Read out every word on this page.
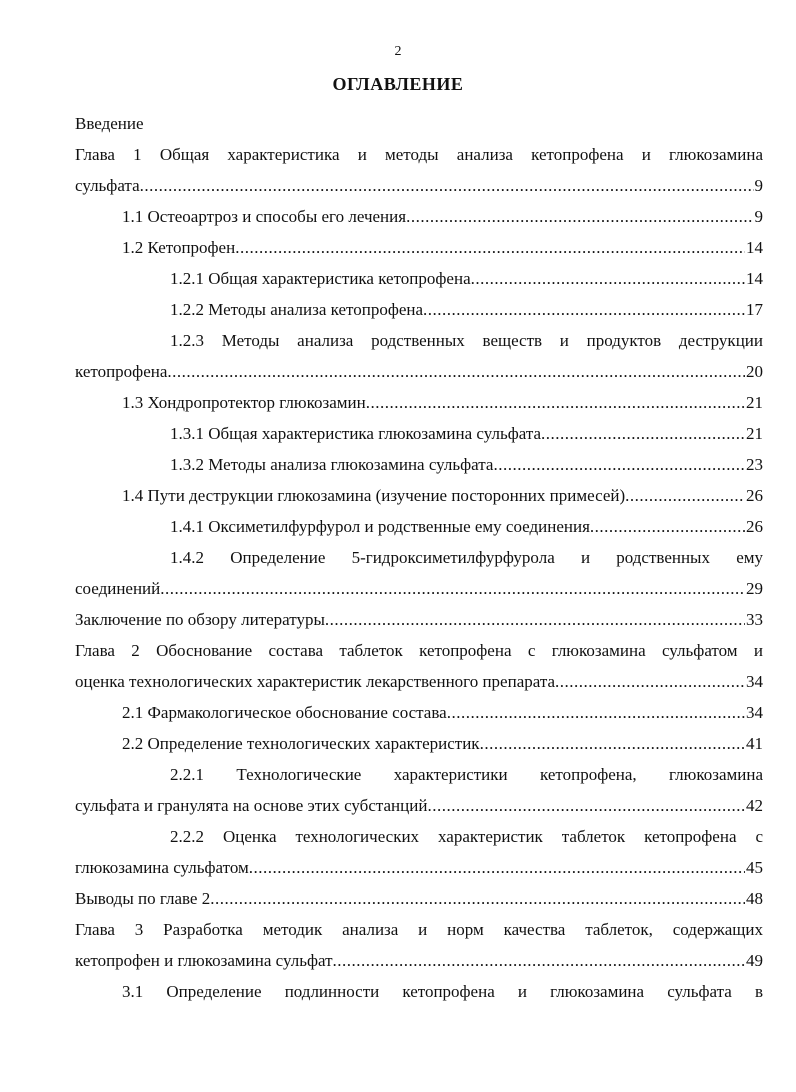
2
ОГЛАВЛЕНИЕ
Введение
Глава 1 Общая характеристика и методы анализа кетопрофена и глюкозамина
сульфата .....	9
1.1 Остеоартроз и способы его лечения .....	9
1.2 Кетопрофен .....	14
1.2.1 Общая характеристика кетопрофена .....	14
1.2.2 Методы анализа кетопрофена .....	17
1.2.3 Методы анализа родственных веществ и продуктов деструкции
кетопрофена .....	20
1.3 Хондропротектор глюкозамин .....	21
1.3.1 Общая характеристика глюкозамина сульфата .....	21
1.3.2 Методы анализа глюкозамина сульфата .....	23
1.4 Пути деструкции глюкозамина (изучение посторонних примесей) .....	26
1.4.1 Оксиметилфурфурол и родственные ему соединения .....	26
1.4.2 Определение 5-гидроксиметилфурфурола и родственных ему
соединений .....	29
Заключение по обзору литературы .....	33
Глава 2 Обоснование состава таблеток кетопрофена с глюкозамина сульфатом и
оценка технологических характеристик лекарственного препарата .....	34
2.1 Фармакологическое обоснование состава .....	34
2.2 Определение технологических характеристик .....	41
2.2.1 Технологические характеристики кетопрофена, глюкозамина
сульфата и гранулята на основе этих субстанций .....	42
2.2.2 Оценка технологических характеристик таблеток кетопрофена с
глюкозамина сульфатом .....	45
Выводы по главе 2 .....	48
Глава 3 Разработка методик анализа и норм качества таблеток, содержащих
кетопрофен и глюкозамина сульфат .....	49
3.1 Определение подлинности кетопрофена и глюкозамина сульфата в
